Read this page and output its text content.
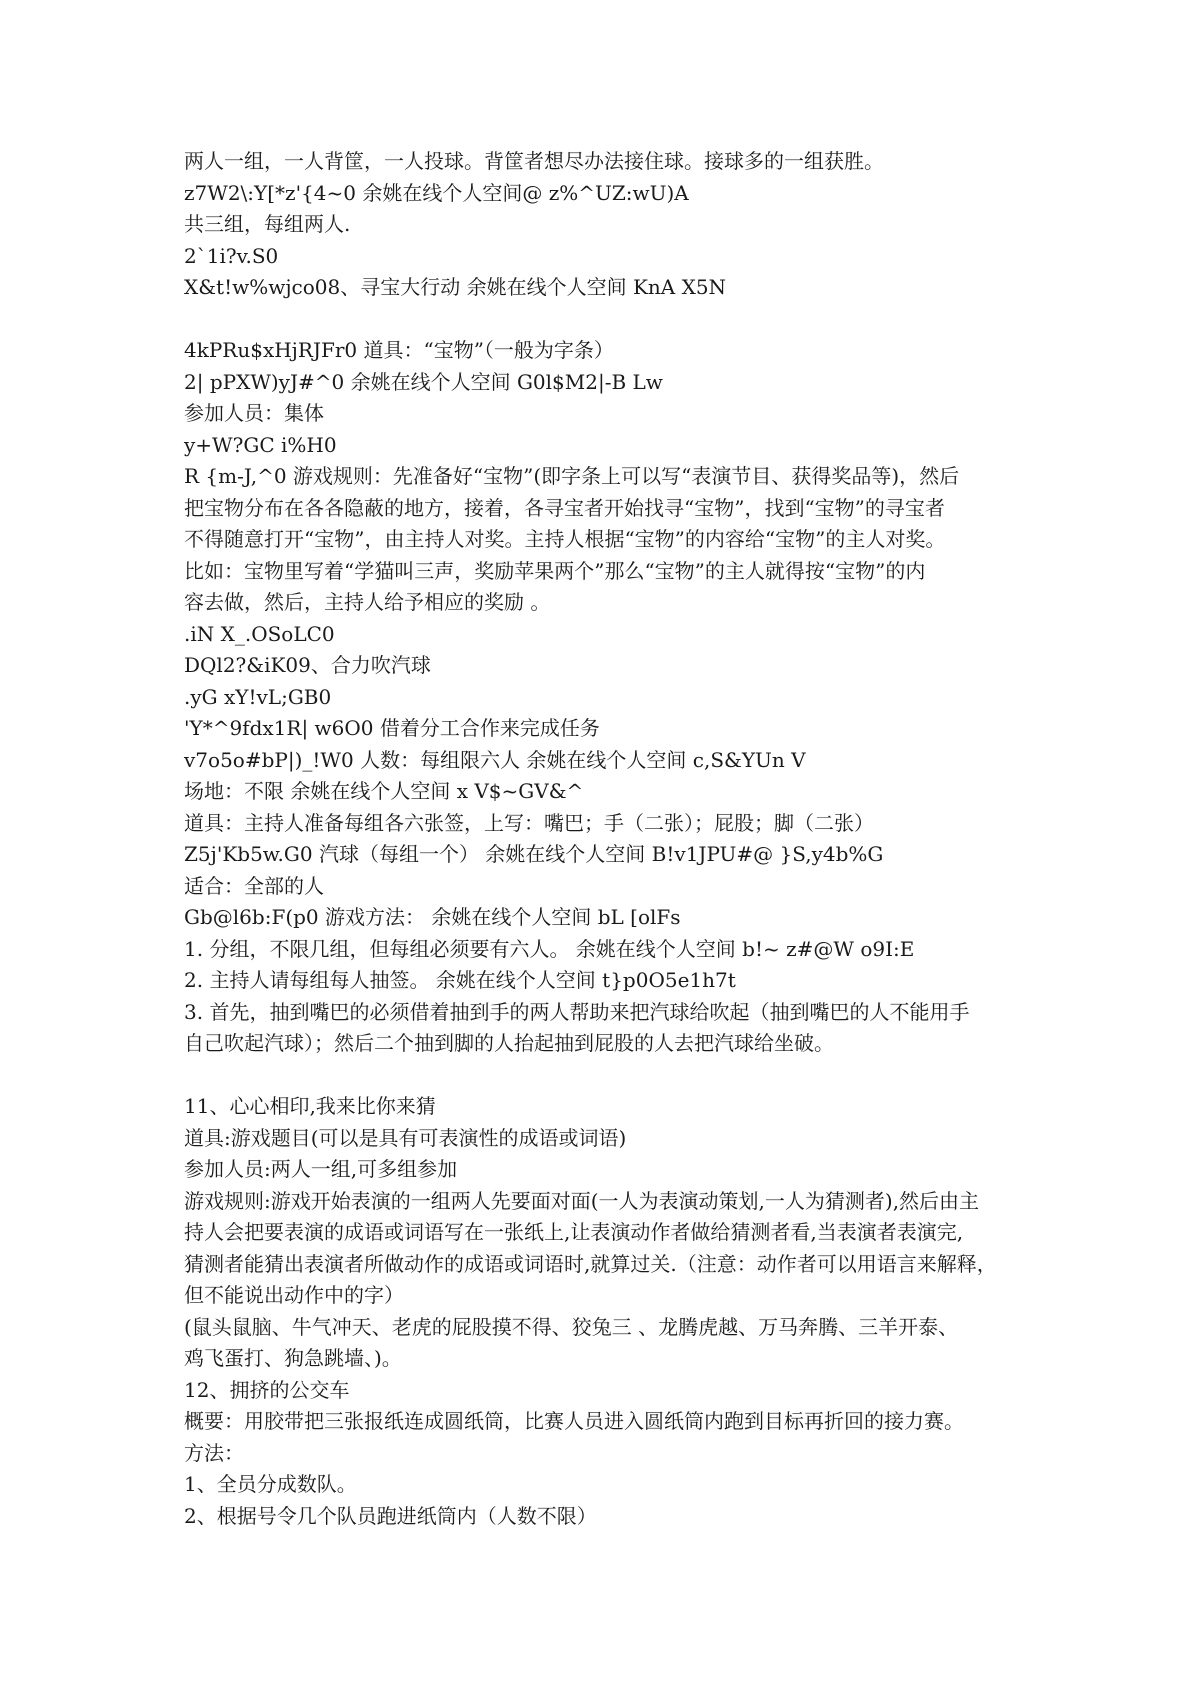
两人一组，一人背筐，一人投球。背筐者想尽办法接住球。接球多的一组获胜。
z7W2\:Y[*z'{4~0 余姚在线个人空间@ z%^UZ:wU)A
共三组，每组两人.
2`1i?v.S0
X&t!w%wjco08、寻宝大行动 余姚在线个人空间 KnA X5N
4kPRu$xHjRJFr0 道具：“宝物”（一般为字条）
2| pPXW)yJ#^0 余姚在线个人空间 G0l$M2|-B Lw
参加人员：集体
y+W?GC i%H0
R {m-J,^0 游戏规则：先准备好“宝物”(即字条上可以写“表演节目、获得奖品等)，然后
把宝物分布在各各隐蔽的地方，接着，各寻宝者开始找寻“宝物”，找到“宝物”的寻宝者
不得随意打开“宝物”，由主持人对奖。主持人根据“宝物”的内容给“宝物”的主人对奖。
比如：宝物里写着“学猫叫三声，奖励苹果两个”那么“宝物”的主人就得按“宝物”的内
容去做，然后，主持人给予相应的奖励 。
.iN X_.OSoLC0
DQl2?&iK09、合力吹汽球
.yG xY!vL;GB0
'Y*^9fdx1R| w6O0 借着分工合作来完成任务
v7o5o#bP|)_!W0 人数：每组限六人 余姚在线个人空间 c,S&YUn V
场地：不限 余姚在线个人空间 x V$~GV&^
道具：主持人准备每组各六张签，上写：嘴巴；手（二张）；屁股；脚（二张）
Z5j'Kb5w.G0 汽球（每组一个） 余姚在线个人空间 B!v1JPU#@ }S,y4b%G
适合：全部的人
Gb@l6b:F(p0 游戏方法： 余姚在线个人空间 bL [olFs
1. 分组，不限几组，但每组必须要有六人。 余姚在线个人空间 b!~ z#@W o9I:E
2. 主持人请每组每人抽签。 余姚在线个人空间 t}p0O5e1h7t
3. 首先，抽到嘴巴的必须借着抽到手的两人帮助来把汽球给吹起（抽到嘴巴的人不能用手
自己吹起汽球）；然后二个抽到脚的人抬起抽到屁股的人去把汽球给坐破。
11、心心相印,我来比你来猜
道具:游戏题目(可以是具有可表演性的成语或词语)
参加人员:两人一组,可多组参加
游戏规则:游戏开始表演的一组两人先要面对面(一人为表演动策划,一人为猜测者),然后由主
持人会把要表演的成语或词语写在一张纸上,让表演动作者做给猜测者看,当表演者表演完,
猜测者能猜出表演者所做动作的成语或词语时,就算过关.（注意：动作者可以用语言来解释，
但不能说出动作中的字）
(鼠头鼠脑、牛气冲天、老虎的屁股摸不得、狡兔三 、龙腾虎越、万马奔腾、三羊开泰、
鸡飞蛋打、狗急跳墙、)。
12、拥挤的公交车
概要：用胶带把三张报纸连成圆纸筒，比赛人员进入圆纸筒内跑到目标再折回的接力赛。
方法：
1、全员分成数队。
2、根据号令几个队员跑进纸筒内（人数不限）
